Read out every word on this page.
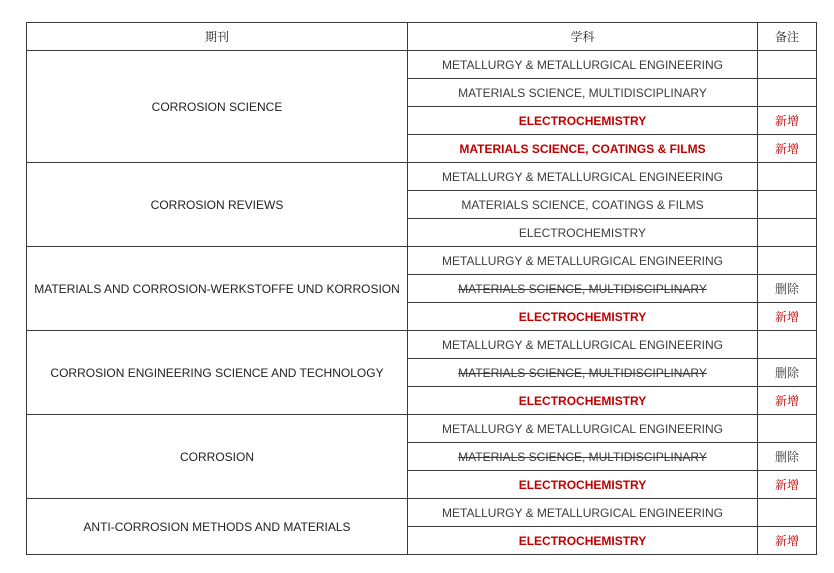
期刊	学科	备注
CORROSION SCIENCE	METALLURGY & METALLURGICAL ENGINEERING	
	MATERIALS SCIENCE, MULTIDISCIPLINARY	
	ELECTROCHEMISTRY	新增
	MATERIALS SCIENCE, COATINGS & FILMS	新增
CORROSION REVIEWS	METALLURGY & METALLURGICAL ENGINEERING	
	MATERIALS SCIENCE, COATINGS & FILMS	
	ELECTROCHEMISTRY	
MATERIALS AND CORROSION-WERKSTOFFE UND KORROSION	METALLURGY & METALLURGICAL ENGINEERING	
	MATERIALS SCIENCE, MULTIDISCIPLINARY	删除
	ELECTROCHEMISTRY	新增
CORROSION ENGINEERING SCIENCE AND TECHNOLOGY	METALLURGY & METALLURGICAL ENGINEERING	
	MATERIALS SCIENCE, MULTIDISCIPLINARY	删除
	ELECTROCHEMISTRY	新增
CORROSION	METALLURGY & METALLURGICAL ENGINEERING	
	MATERIALS SCIENCE, MULTIDISCIPLINARY	删除
	ELECTROCHEMISTRY	新增
ANTI-CORROSION METHODS AND MATERIALS	METALLURGY & METALLURGICAL ENGINEERING	
	ELECTROCHEMISTRY	新增
